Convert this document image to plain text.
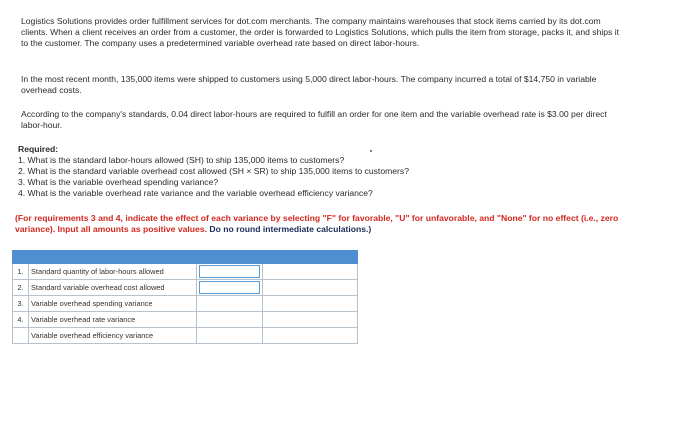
Logistics Solutions provides order fulfillment services for dot.com merchants. The company maintains warehouses that stock items carried by its dot.com clients. When a client receives an order from a customer, the order is forwarded to Logistics Solutions, which pulls the item from storage, packs it, and ships it to the customer. The company uses a predetermined variable overhead rate based on direct labor-hours.

In the most recent month, 135,000 items were shipped to customers using 5,000 direct labor-hours. The company incurred a total of $14,750 in variable overhead costs.

According to the company's standards, 0.04 direct labor-hours are required to fulfill an order for one item and the variable overhead rate is $3.00 per direct labor-hour.

Required:
1. What is the standard labor-hours allowed (SH) to ship 135,000 items to customers?
2. What is the standard variable overhead cost allowed (SH × SR) to ship 135,000 items to customers?
3. What is the variable overhead spending variance?
4. What is the variable overhead rate variance and the variable overhead efficiency variance?

(For requirements 3 and 4, indicate the effect of each variance by selecting "F" for favorable, "U" for unfavorable, and "None" for no effect (i.e., zero variance). Input all amounts as positive values. Do no round intermediate calculations.)

1.	Standard quantity of labor-hours allowed	

2.	Standard variable overhead cost allowed	

3.	Variable overhead spending variance		
4.	Variable overhead rate variance		
	Variable overhead efficiency variance		
